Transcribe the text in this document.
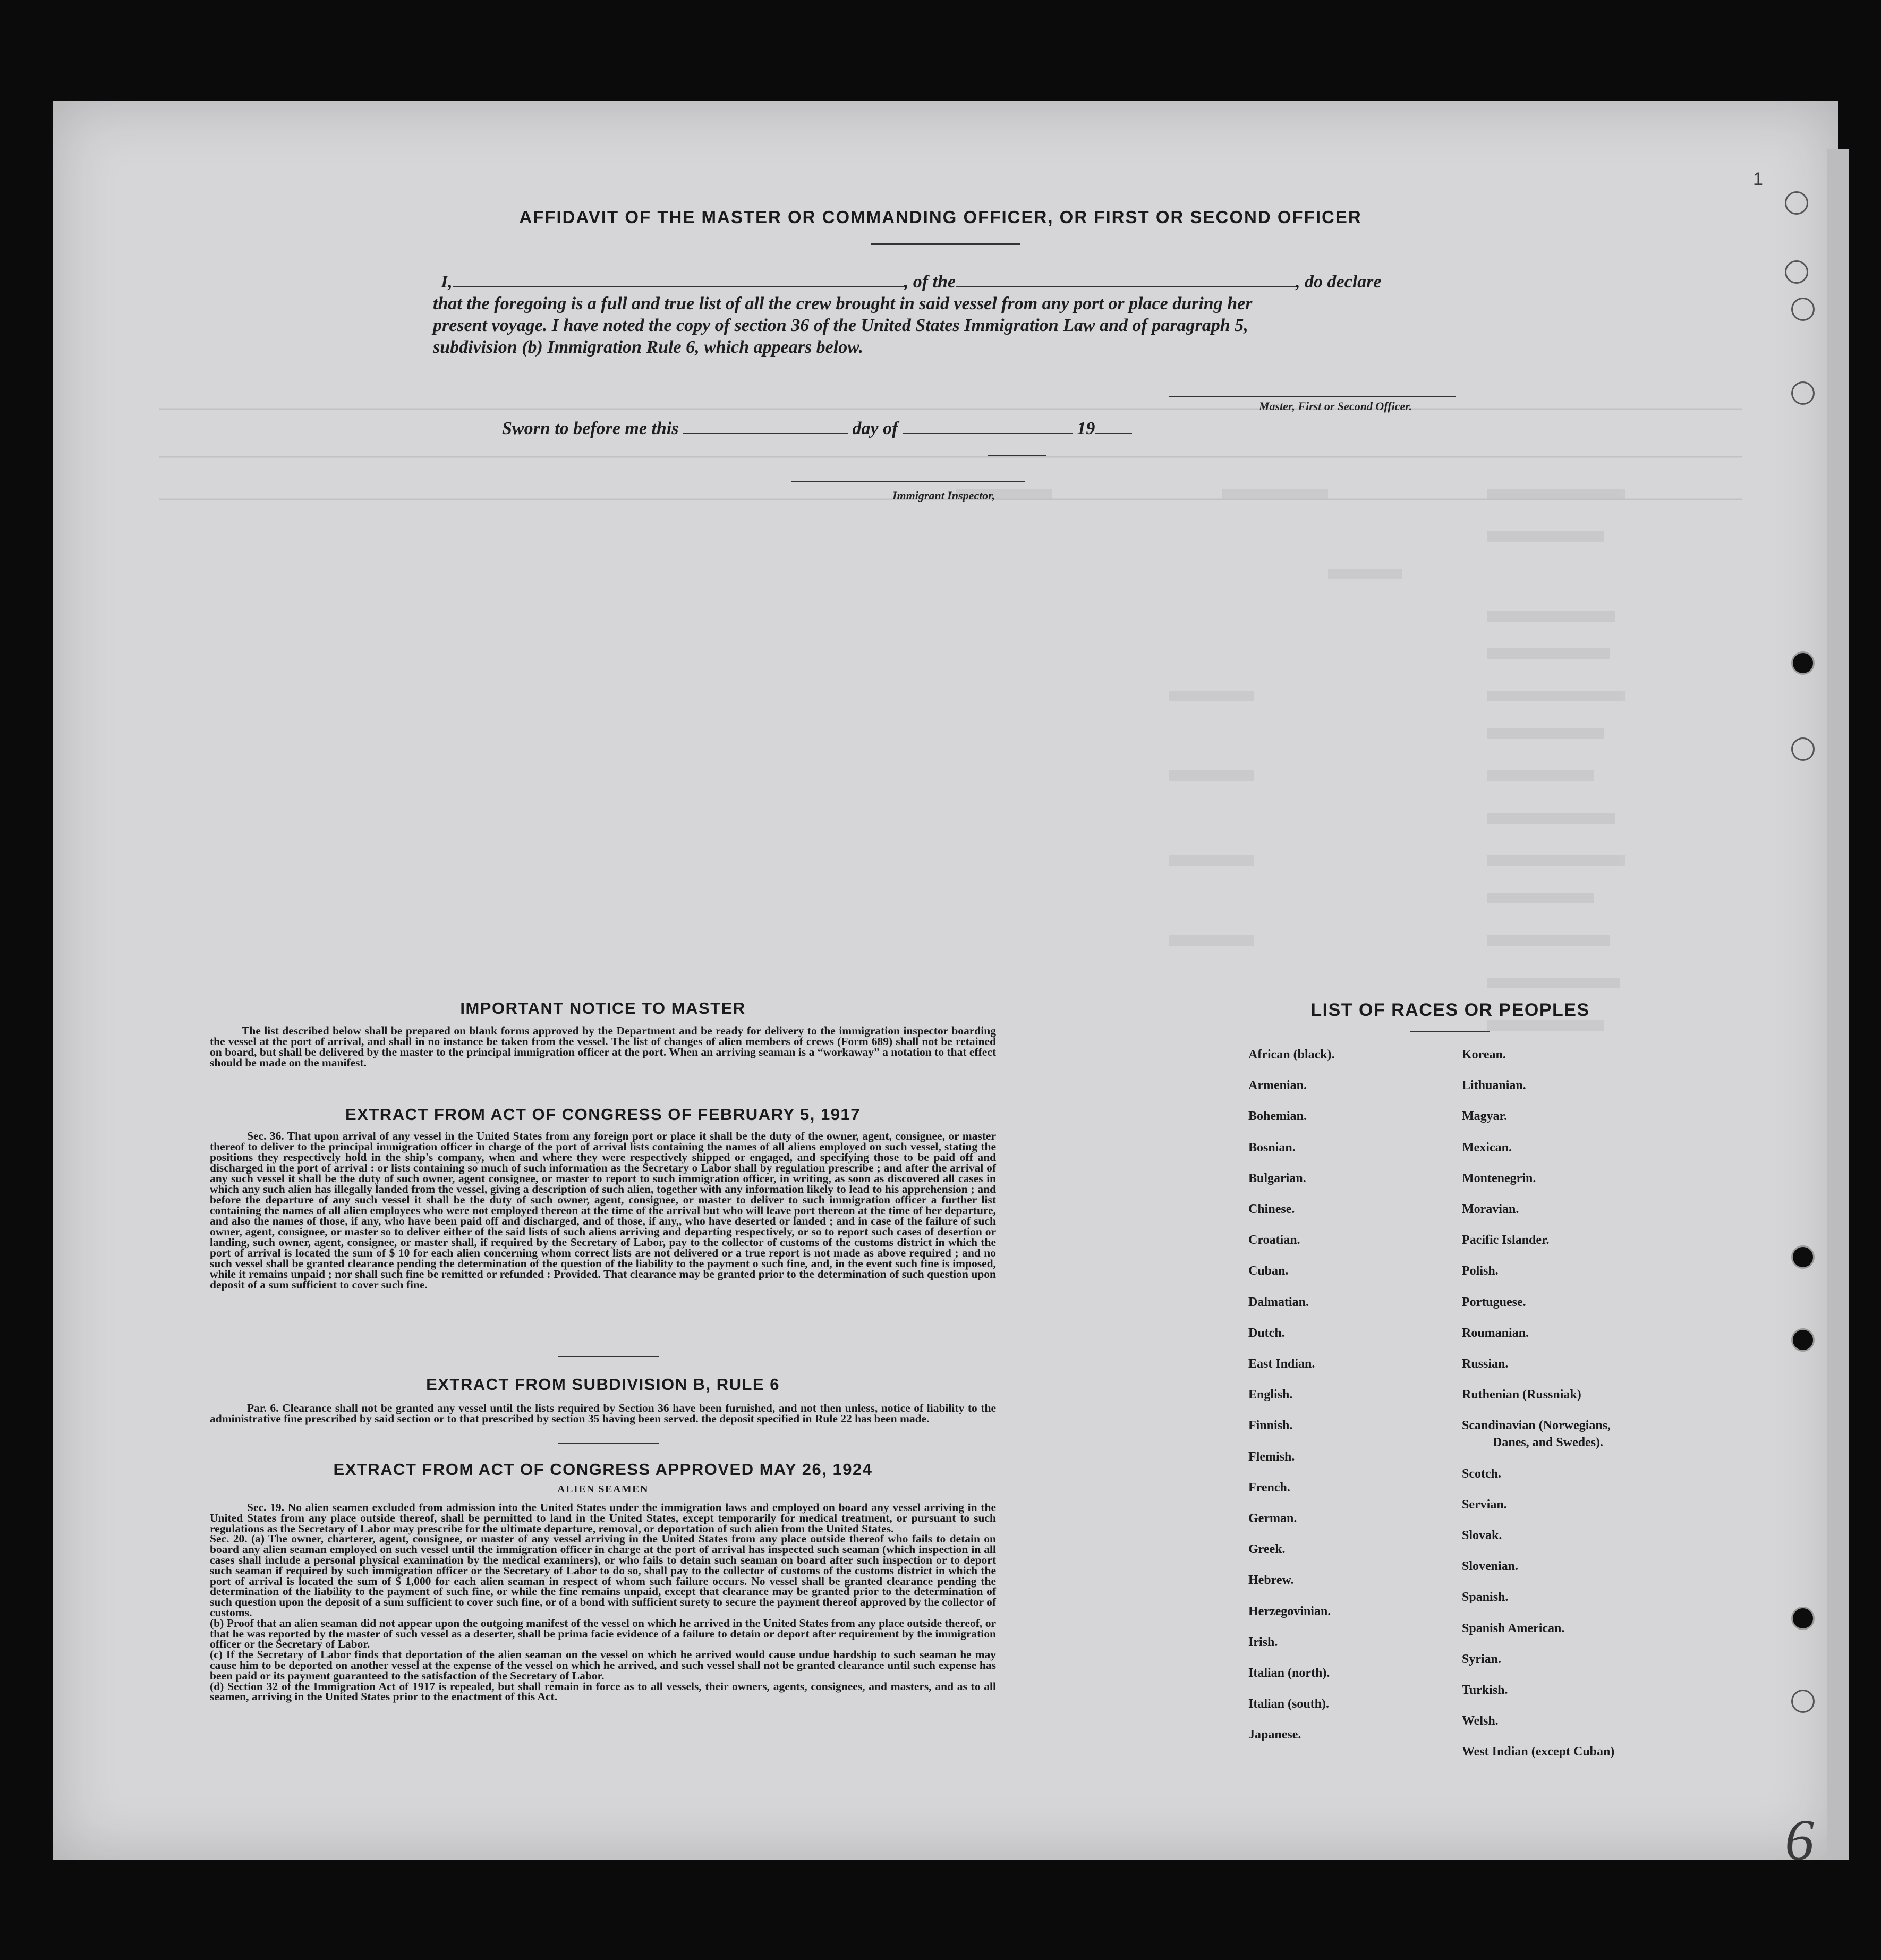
1
6
AFFIDAVIT OF THE MASTER OR COMMANDING OFFICER, OR FIRST OR SECOND OFFICER
I,	, of the	, do declare
that the foregoing is a full and true list of all the crew brought in said vessel from any port or place during her
present voyage. I have noted the copy of section 36 of the United States Immigration Law and of paragraph 5,
subdivision (b) Immigration Rule 6, which appears below.
Master, First or Second Officer.
Sworn to before me this	day of	19
Immigrant Inspector,
IMPORTANT NOTICE TO MASTER
The list described below shall be prepared on blank forms approved by the Department and be ready for delivery to the immigration inspector boarding the vessel at the port of arrival, and shall in no instance be taken from the vessel. The list of changes of alien members of crews (Form 689) shall not be retained on board, but shall be delivered by the master to the principal immigration officer at the port. When an arriving seaman is a “workaway” a notation to that effect should be made on the manifest.
EXTRACT FROM ACT OF CONGRESS OF FEBRUARY 5, 1917
Sec. 36. That upon arrival of any vessel in the United States from any foreign port or place it shall be the duty of the owner, agent, consignee, or master thereof to deliver to the principal immigration officer in charge of the port of arrival lists containing the names of all aliens employed on such vessel, stating the positions they respectively hold in the ship's company, when and where they were respectively shipped or engaged, and specifying those to be paid off and discharged in the port of arrival : or lists containing so much of such information as the Secretary o Labor shall by regulation prescribe ; and after the arrival of any such vessel it shall be the duty of such owner, agent consignee, or master to report to such immigration officer, in writing, as soon as discovered all cases in which any such alien has illegally landed from the vessel, giving a description of such alien, together with any information likely to lead to his apprehension ; and before the departure of any such vessel it shall be the duty of such owner, agent, consignee, or master to deliver to such immigration officer a further list containing the names of all alien employees who were not employed thereon at the time of the arrival but who will leave port thereon at the time of her departure, and also the names of those, if any, who have been paid off and discharged, and of those, if any,, who have deserted or landed ; and in case of the failure of such owner, agent, consignee, or master so to deliver either of the said lists of such aliens arriving and departing respectively, or so to report such cases of desertion or landing, such owner, agent, consignee, or master shall, if required by the Secretary of Labor, pay to the collector of customs of the customs district in which the port of arrival is located the sum of $ 10 for each alien concerning whom correct lists are not delivered or a true report is not made as above required ; and no such vessel shall be granted clearance pending the determination of the question of the liability to the payment o such fine, and, in the event such fine is imposed, while it remains unpaid ; nor shall such fine be remitted or refunded : Provided. That clearance may be granted prior to the determination of such question upon deposit of a sum sufficient to cover such fine.
EXTRACT FROM SUBDIVISION B, RULE 6
Par. 6. Clearance shall not be granted any vessel until the lists required by Section 36 have been furnished, and not then unless, notice of liability to the administrative fine prescribed by said section or to that prescribed by section 35 having been served. the deposit specified in Rule 22 has been made.
EXTRACT FROM ACT OF CONGRESS APPROVED MAY 26, 1924
ALIEN SEAMEN
Sec. 19. No alien seamen excluded from admission into the United States under the immigration laws and employed on board any vessel arriving in the United States from any place outside thereof, shall be permitted to land in the United States, except temporarily for medical treatment, or pursuant to such regulations as the Secretary of Labor may prescribe for the ultimate departure, removal, or deportation of such alien from the United States.
Sec. 20. (a) The owner, charterer, agent, consignee, or master of any vessel arriving in the United States from any place outside thereof who fails to detain on board any alien seaman employed on such vessel until the immigration officer in charge at the port of arrival has inspected such seaman (which inspection in all cases shall include a personal physical examination by the medical examiners), or who fails to detain such seaman on board after such inspection or to deport such seaman if required by such immigration officer or the Secretary of Labor to do so, shall pay to the collector of customs of the customs district in which the port of arrival is located the sum of $ 1,000 for each alien seaman in respect of whom such failure occurs. No vessel shall be granted clearance pending the determination of the liability to the payment of such fine, or while the fine remains unpaid, except that clearance may be granted prior to the determination of such question upon the deposit of a sum sufficient to cover such fine, or of a bond with sufficient surety to secure the payment thereof approved by the collector of customs.
(b) Proof that an alien seaman did not appear upon the outgoing manifest of the vessel on which he arrived in the United States from any place outside thereof, or that he was reported by the master of such vessel as a deserter, shall be prima facie evidence of a failure to detain or deport after requirement by the immigration officer or the Secretary of Labor.
(c) If the Secretary of Labor finds that deportation of the alien seaman on the vessel on which he arrived would cause undue hardship to such seaman he may cause him to be deported on another vessel at the expense of the vessel on which he arrived, and such vessel shall not be granted clearance until such expense has been paid or its payment guaranteed to the satisfaction of the Secretary of Labor.
(d) Section 32 of the Immigration Act of 1917 is repealed, but shall remain in force as to all vessels, their owners, agents, consignees, and masters, and as to all seamen, arriving in the United States prior to the enactment of this Act.
LIST OF RACES OR PEOPLES
African (black).
Armenian.
Bohemian.
Bosnian.
Bulgarian.
Chinese.
Croatian.
Cuban.
Dalmatian.
Dutch.
East Indian.
English.
Finnish.
Flemish.
French.
German.
Greek.
Hebrew.
Herzegovinian.
Irish.
Italian (north).
Italian (south).
Japanese.
Korean.
Lithuanian.
Magyar.
Mexican.
Montenegrin.
Moravian.
Pacific Islander.
Polish.
Portuguese.
Roumanian.
Russian.
Ruthenian (Russniak)
Scandinavian (Norwegians,
Scotch.
Servian.
Slovak.
Slovenian.
Spanish.
Spanish American.
Syrian.
Turkish.
Welsh.
West Indian (except Cuban)
Danes, and Swedes).
